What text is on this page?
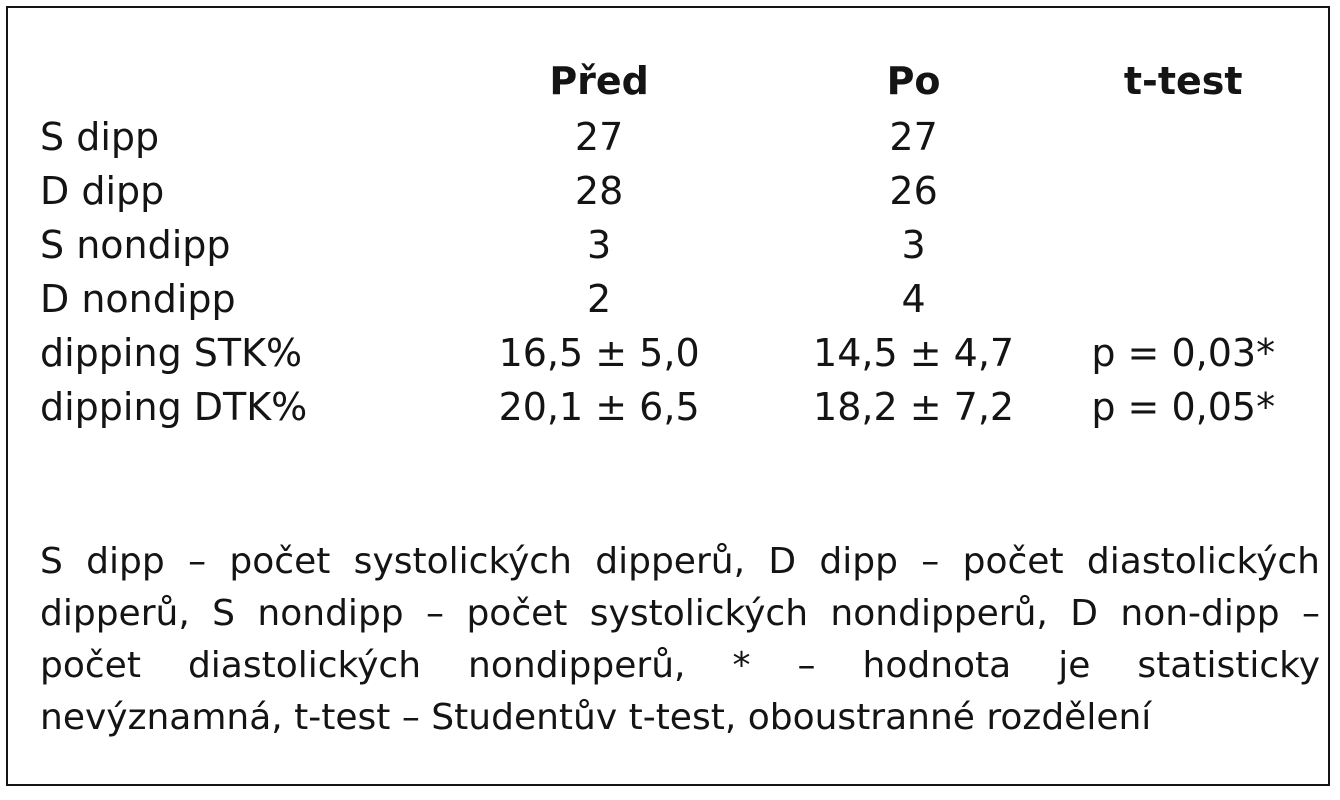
	Před	Po	t-test
S dipp	27	27	
D dipp	28	26	
S nondipp	3	3	
D nondipp	2	4	
dipping STK%	16,5 ± 5,0	14,5 ± 4,7	p = 0,03*
dipping DTK%	20,1 ± 6,5	18,2 ± 7,2	p = 0,05*

S dipp – počet systolických dipperů, D dipp – počet diastolických dipperů, S nondipp – počet systolických nondipperů, D non-dipp – počet diastolických nondipperů, * – hodnota je statisticky nevýznamná, t-test – Studentův t-test, oboustranné rozdělení
